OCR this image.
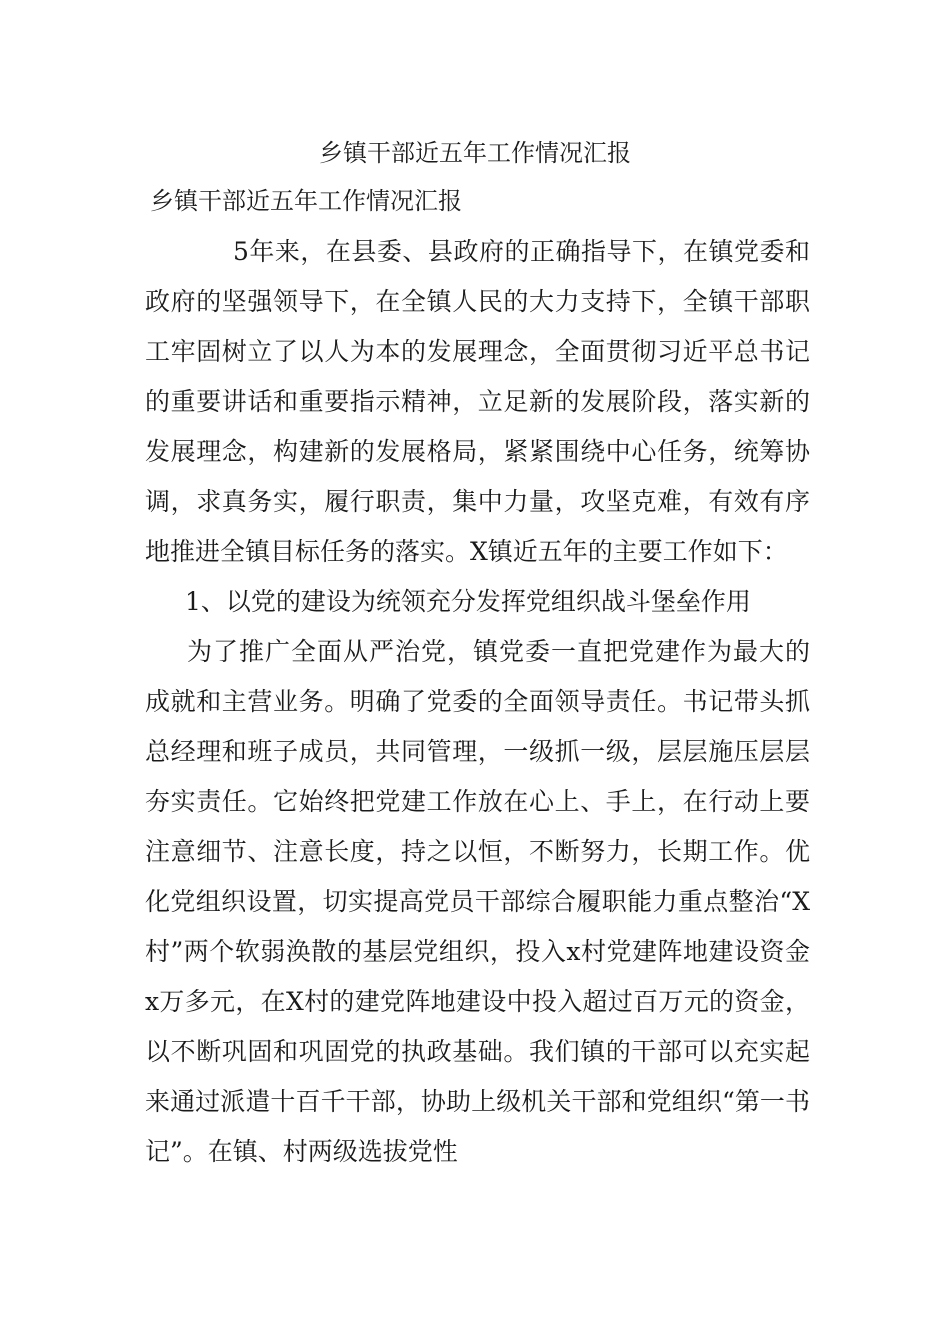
乡镇干部近五年工作情况汇报
乡镇干部近五年工作情况汇报

5年来，在县委、县政府的正确指导下，在镇党委和政府的坚强领导下，在全镇人民的大力支持下，全镇干部职工牢固树立了以人为本的发展理念，全面贯彻习近平总书记的重要讲话和重要指示精神，立足新的发展阶段，落实新的发展理念，构建新的发展格局，紧紧围绕中心任务，统筹协调，求真务实，履行职责，集中力量，攻坚克难，有效有序地推进全镇目标任务的落实。X镇近五年的主要工作如下：

1、以党的建设为统领充分发挥党组织战斗堡垒作用

为了推广全面从严治党，镇党委一直把党建作为最大的成就和主营业务。明确了党委的全面领导责任。书记带头抓总经理和班子成员，共同管理，一级抓一级，层层施压层层夯实责任。它始终把党建工作放在心上、手上，在行动上要注意细节、注意长度，持之以恒，不断努力，长期工作。优化党组织设置，切实提高党员干部综合履职能力重点整治“X村”两个软弱涣散的基层党组织，投入x村党建阵地建设资金x万多元，在X村的建党阵地建设中投入超过百万元的资金，以不断巩固和巩固党的执政基础。我们镇的干部可以充实起来通过派遣十百千干部，协助上级机关干部和党组织“第一书记”。在镇、村两级选拔党性
